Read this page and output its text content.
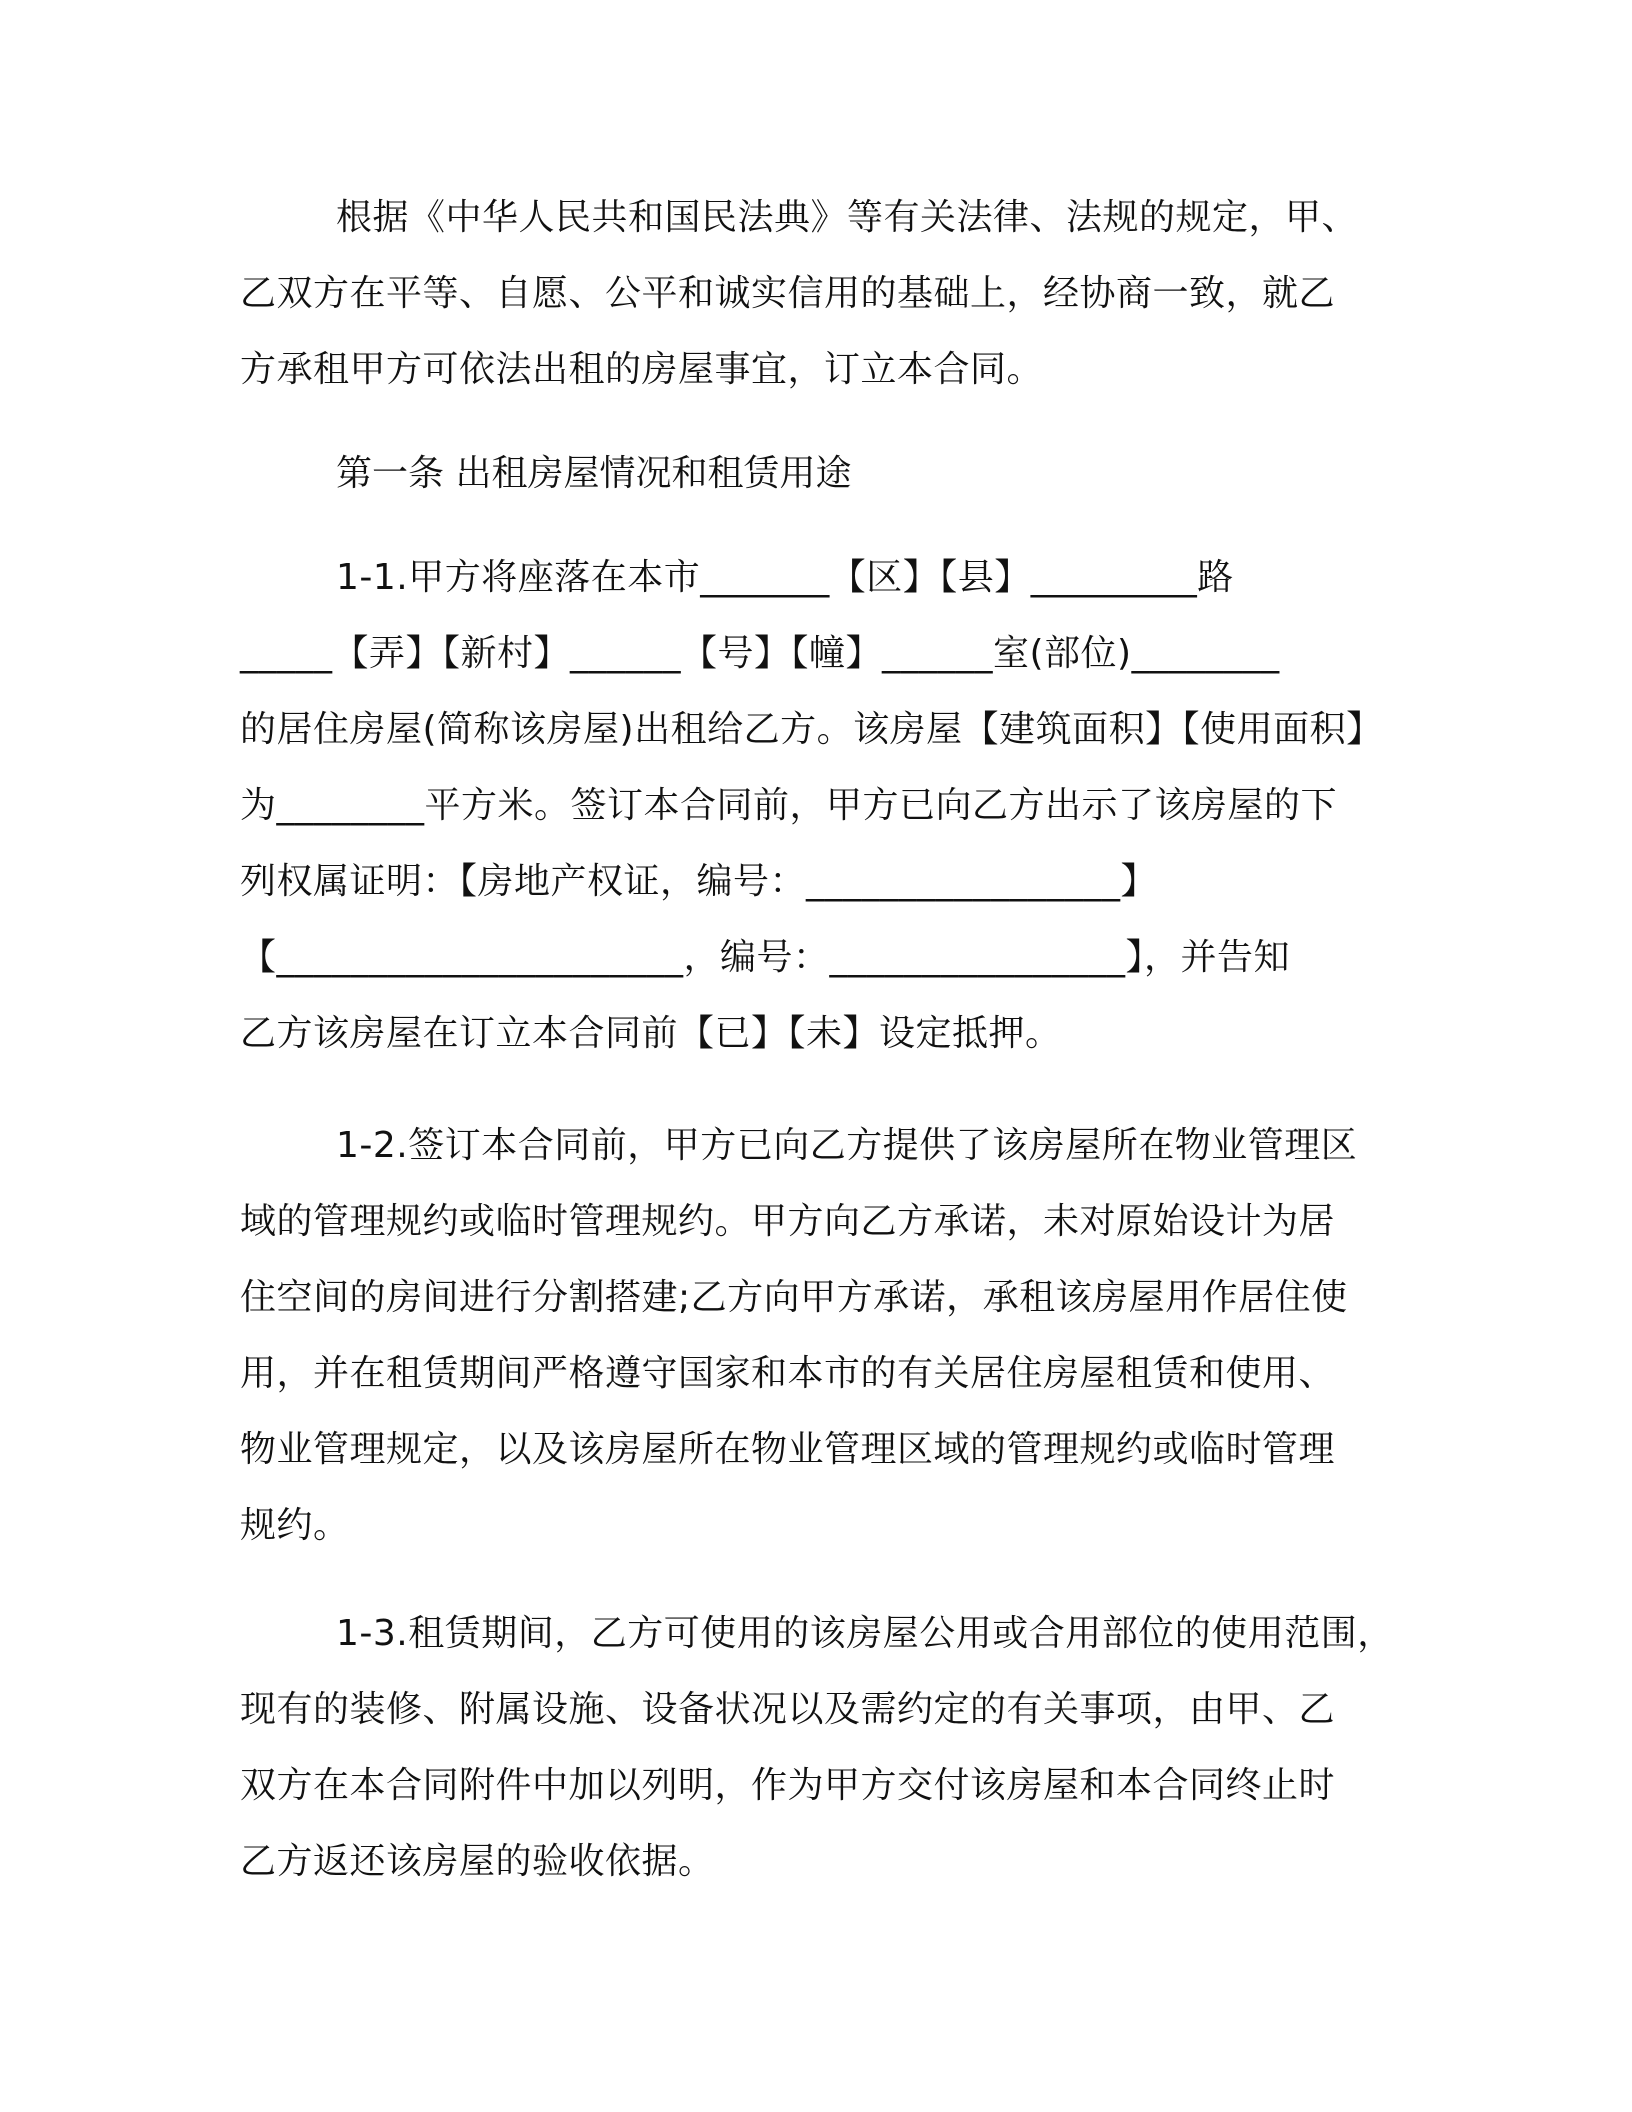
根据《中华人民共和国民法典》等有关法律、法规的规定，甲、
乙双方在平等、自愿、公平和诚实信用的基础上，经协商一致，就乙
方承租甲方可依法出租的房屋事宜，订立本合同。
第一条 出租房屋情况和租赁用途
1-1.甲方将座落在本市_______【区】【县】_________路
_____【弄】【新村】______【号】【幢】______室(部位)________
的居住房屋(简称该房屋)出租给乙方。该房屋【建筑面积】【使用面积】
为________平方米。签订本合同前，甲方已向乙方出示了该房屋的下
列权属证明：【房地产权证，编号：_________________】
【______________________，编号：________________】，并告知
乙方该房屋在订立本合同前【已】【未】设定抵押。
1-2.签订本合同前，甲方已向乙方提供了该房屋所在物业管理区
域的管理规约或临时管理规约。甲方向乙方承诺，未对原始设计为居
住空间的房间进行分割搭建;乙方向甲方承诺，承租该房屋用作居住使
用，并在租赁期间严格遵守国家和本市的有关居住房屋租赁和使用、
物业管理规定，以及该房屋所在物业管理区域的管理规约或临时管理
规约。
1-3.租赁期间，乙方可使用的该房屋公用或合用部位的使用范围，
现有的装修、附属设施、设备状况以及需约定的有关事项，由甲、乙
双方在本合同附件中加以列明，作为甲方交付该房屋和本合同终止时
乙方返还该房屋的验收依据。
